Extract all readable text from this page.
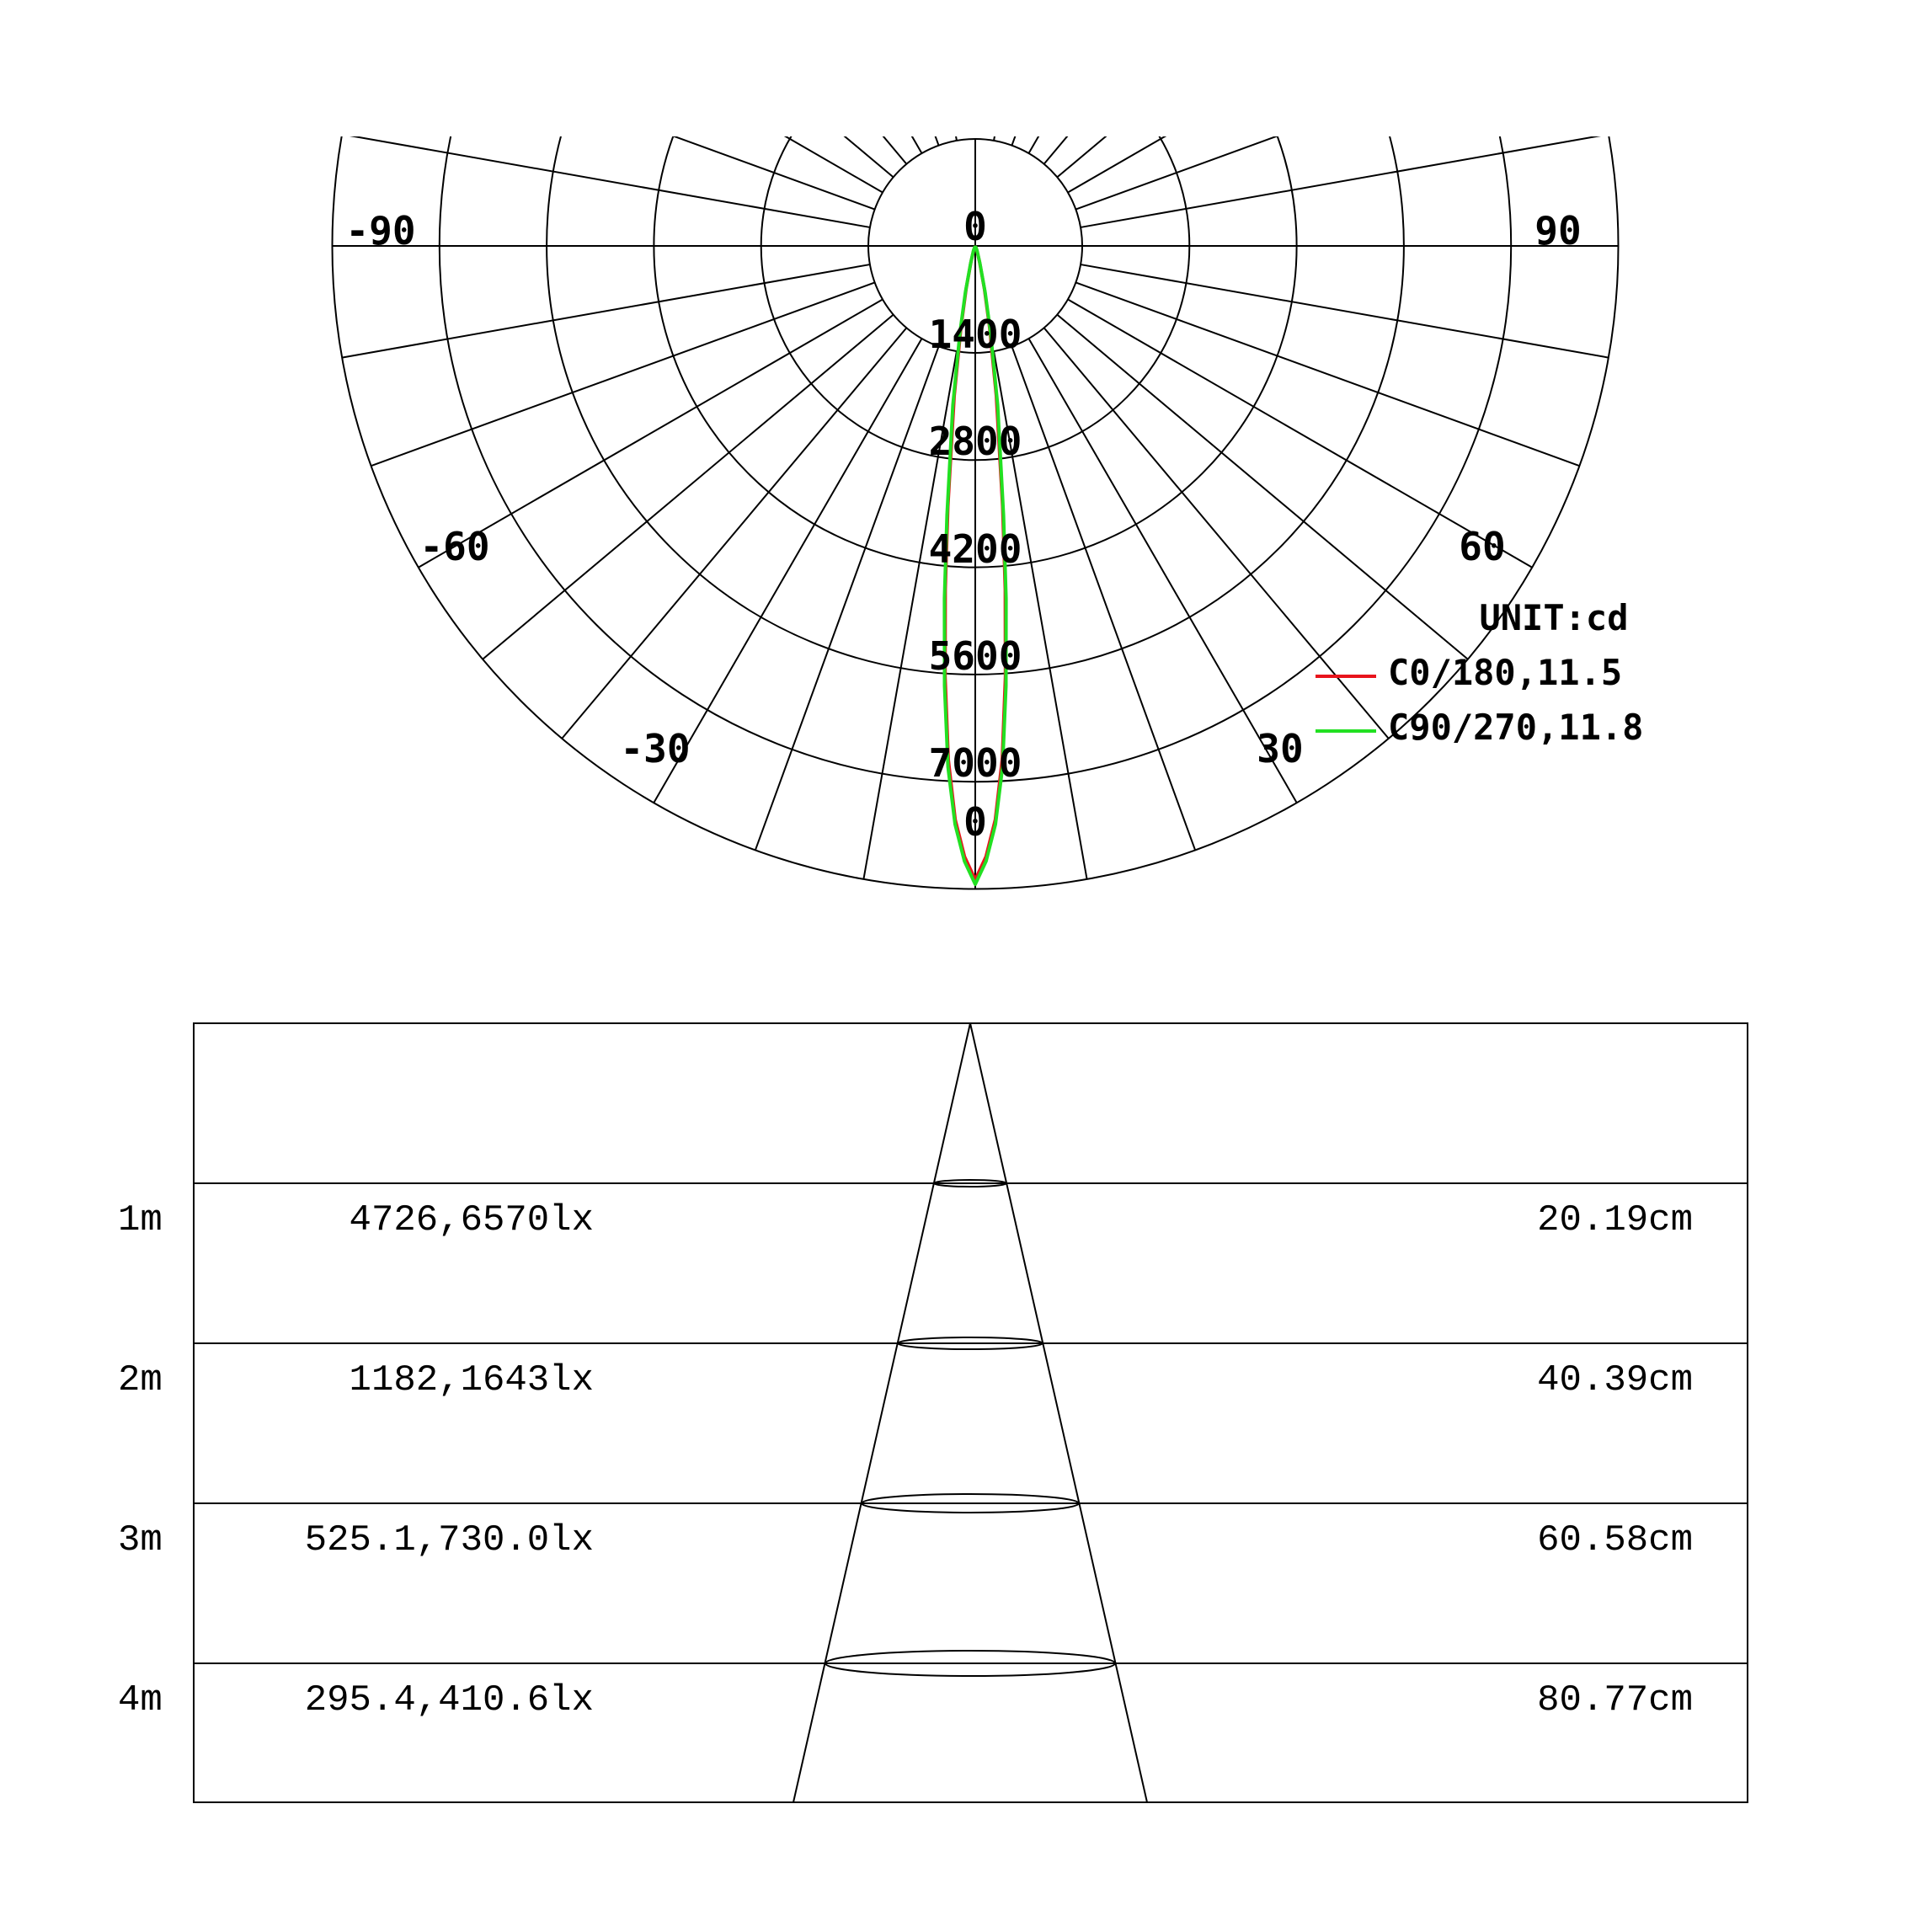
-90
-60
-30
0
30
60
90
0
1400
2800
4200
5600
7000
UNIT:cd
C0/180,11.5
C90/270,11.8
1m	4726,6570lx	20.19cm
2m	1182,1643lx	40.39cm
3m	525.1,730.0lx	60.58cm
4m	295.4,410.6lx	80.77cm
